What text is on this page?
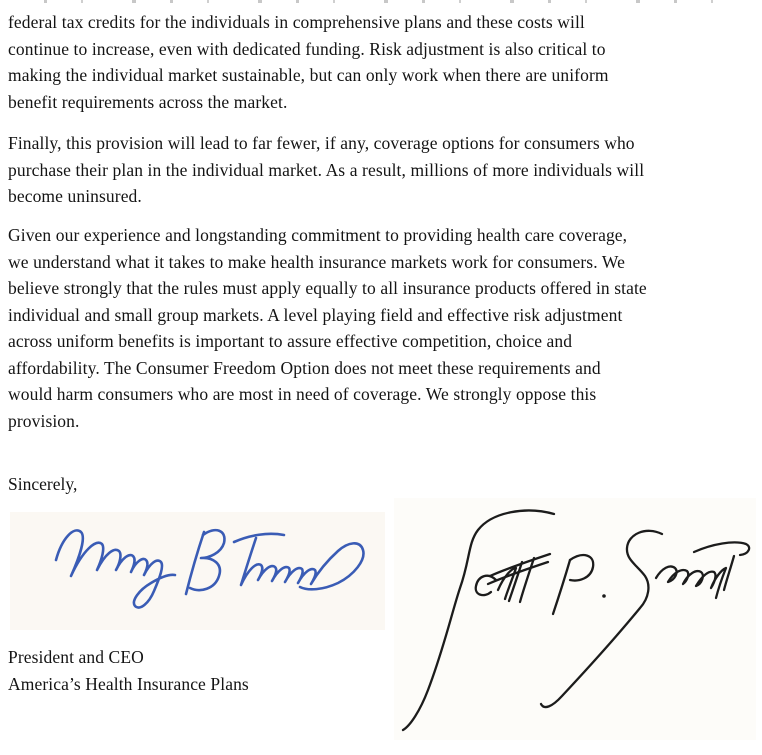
federal tax credits for the individuals in comprehensive plans and these costs will
continue to increase, even with dedicated funding. Risk adjustment is also critical to
making the individual market sustainable, but can only work when there are uniform
benefit requirements across the market.
Finally, this provision will lead to far fewer, if any, coverage options for consumers who
purchase their plan in the individual market. As a result, millions of more individuals will
become uninsured.
Given our experience and longstanding commitment to providing health care coverage,
we understand what it takes to make health insurance markets work for consumers. We
believe strongly that the rules must apply equally to all insurance products offered in state
individual and small group markets. A level playing field and effective risk adjustment
across uniform benefits is important to assure effective competition, choice and
affordability. The Consumer Freedom Option does not meet these requirements and
would harm consumers who are most in need of coverage. We strongly oppose this
provision.
Sincerely,
President and CEO
America’s Health Insurance Plans
